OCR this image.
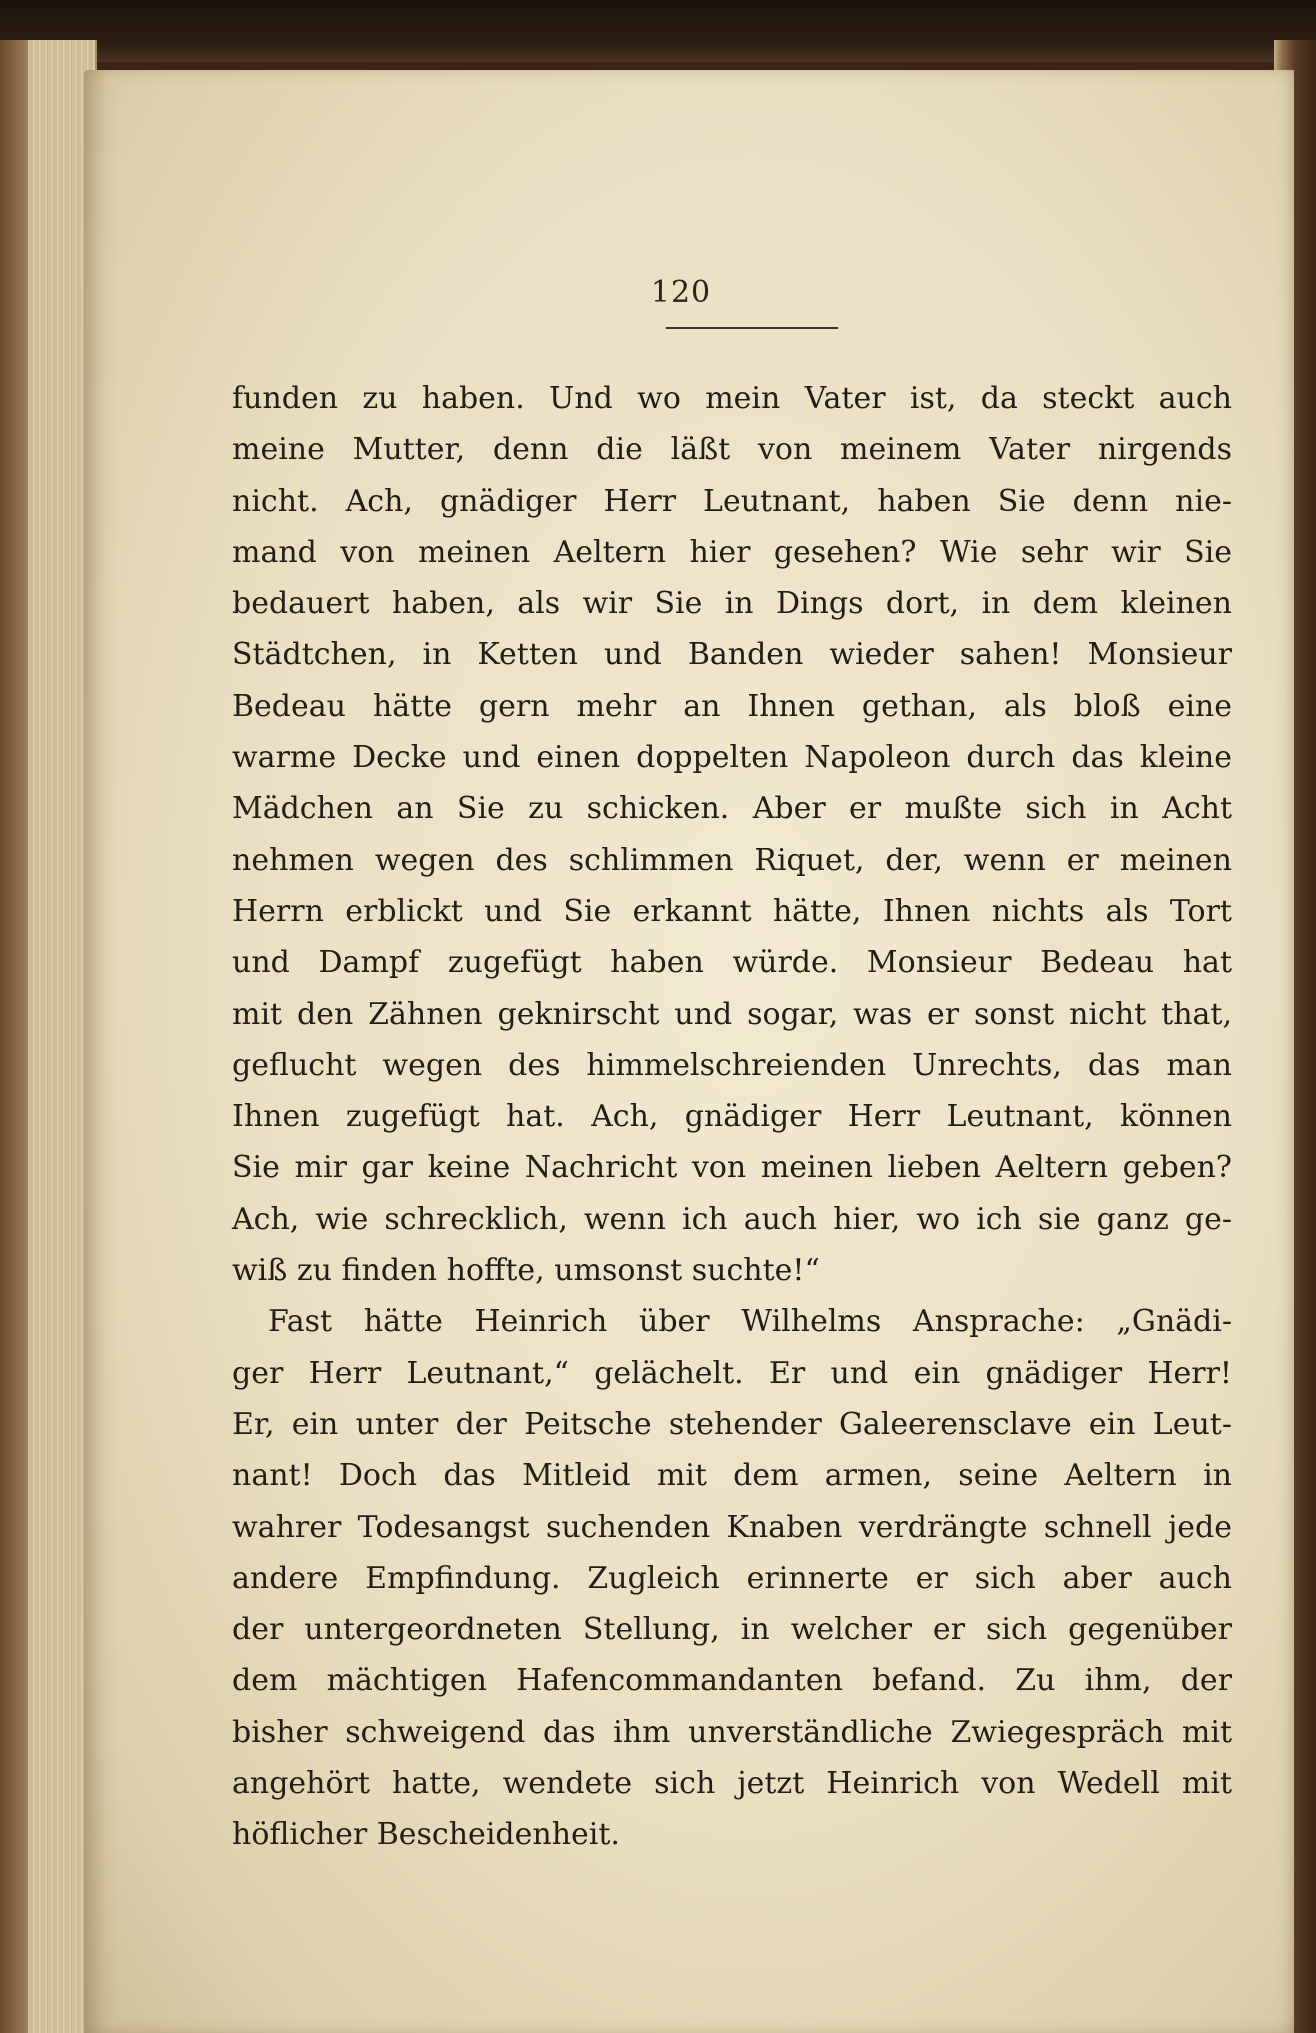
120
funden zu haben. Und wo mein Vater ist, da steckt auch
meine Mutter, denn die läßt von meinem Vater nirgends
nicht. Ach, gnädiger Herr Leutnant, haben Sie denn nie-
mand von meinen Aeltern hier gesehen? Wie sehr wir Sie
bedauert haben, als wir Sie in Dings dort, in dem kleinen
Städtchen, in Ketten und Banden wieder sahen! Monsieur
Bedeau hätte gern mehr an Ihnen gethan, als bloß eine
warme Decke und einen doppelten Napoleon durch das kleine
Mädchen an Sie zu schicken. Aber er mußte sich in Acht
nehmen wegen des schlimmen Riquet, der, wenn er meinen
Herrn erblickt und Sie erkannt hätte, Ihnen nichts als Tort
und Dampf zugefügt haben würde. Monsieur Bedeau hat
mit den Zähnen geknirscht und sogar, was er sonst nicht that,
geflucht wegen des himmelschreienden Unrechts, das man
Ihnen zugefügt hat. Ach, gnädiger Herr Leutnant, können
Sie mir gar keine Nachricht von meinen lieben Aeltern geben?
Ach, wie schrecklich, wenn ich auch hier, wo ich sie ganz ge-
wiß zu finden hoffte, umsonst suchte!“
Fast hätte Heinrich über Wilhelms Ansprache: „Gnädi-
ger Herr Leutnant,“ gelächelt. Er und ein gnädiger Herr!
Er, ein unter der Peitsche stehender Galeerensclave ein Leut-
nant! Doch das Mitleid mit dem armen, seine Aeltern in
wahrer Todesangst suchenden Knaben verdrängte schnell jede
andere Empfindung. Zugleich erinnerte er sich aber auch
der untergeordneten Stellung, in welcher er sich gegenüber
dem mächtigen Hafencommandanten befand. Zu ihm, der
bisher schweigend das ihm unverständliche Zwiegespräch mit
angehört hatte, wendete sich jetzt Heinrich von Wedell mit
höflicher Bescheidenheit.
